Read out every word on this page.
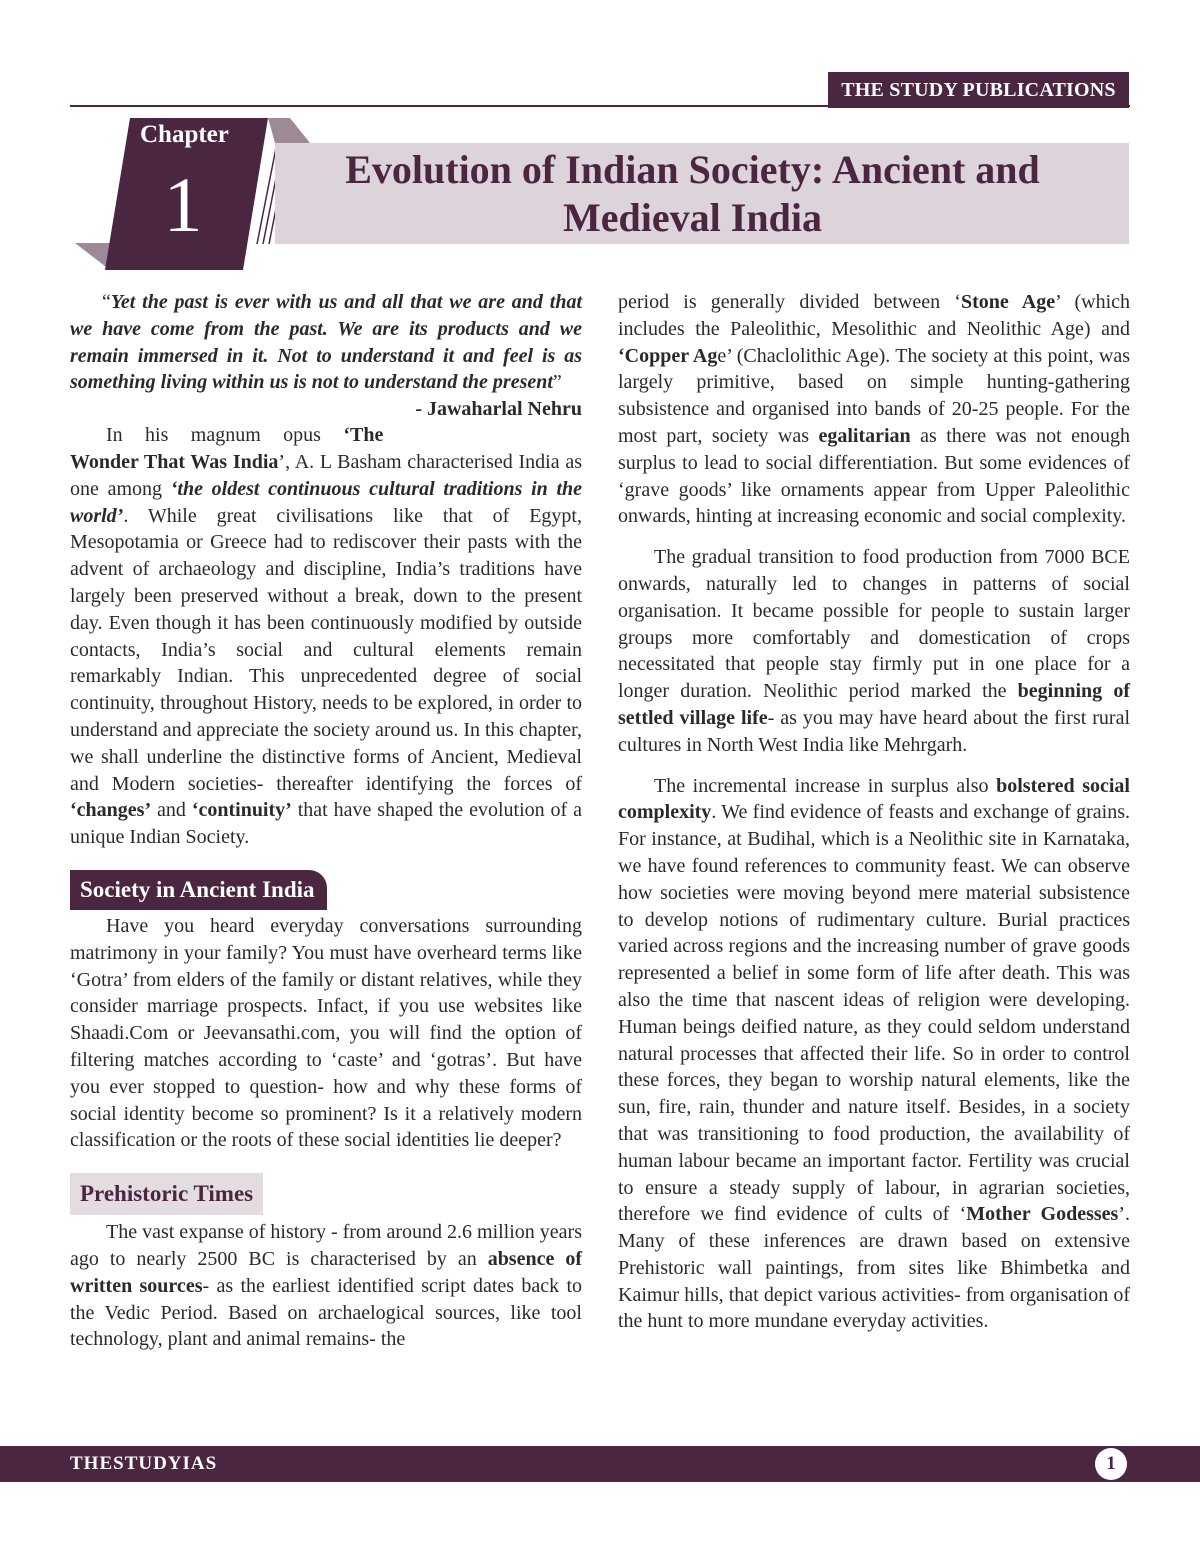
THE STUDY PUBLICATIONS
Chapter
1	Evolution of Indian Society: Ancient and
Medieval India

“Yet the past is ever with us and all that we are and that we have come from the past. We are its products and we remain immersed in it. Not to understand it and feel is as something living within us is not to understand the present”
- Jawaharlal Nehru

In his magnum opus ‘The Wonder That Was India’, A. L Basham characterised India as one among ‘the oldest continuous cultural traditions in the world’. While great civilisations like that of Egypt, Mesopotamia or Greece had to rediscover their pasts with the advent of archaeology and discipline, India’s traditions have largely been preserved without a break, down to the present day. Even though it has been continuously modified by outside contacts, India’s social and cultural elements remain remarkably Indian. This unprecedented degree of social continuity, throughout History, needs to be explored, in order to understand and appreciate the society around us. In this chapter, we shall underline the distinctive forms of Ancient, Medieval and Modern societies- thereafter identifying the forces of ‘changes’ and ‘continuity’ that have shaped the evolution of a unique Indian Society.

Society in Ancient India

Have you heard everyday conversations surrounding matrimony in your family? You must have overheard terms like ‘Gotra’ from elders of the family or distant relatives, while they consider marriage prospects. Infact, if you use websites like Shaadi.Com or Jeevansathi.com, you will find the option of filtering matches according to ‘caste’ and ‘gotras’. But have you ever stopped to question- how and why these forms of social identity become so prominent? Is it a relatively modern classification or the roots of these social identities lie deeper?

Prehistoric Times

The vast expanse of history - from around 2.6 million years ago to nearly 2500 BC is characterised by an absence of written sources- as the earliest identified script dates back to the Vedic Period. Based on archaelogical sources, like tool technology, plant and animal remains- the

period is generally divided between ‘Stone Age’ (which includes the Paleolithic, Mesolithic and Neolithic Age) and ‘Copper Age’ (Chaclolithic Age). The society at this point, was largely primitive, based on simple hunting-gathering subsistence and organised into bands of 20-25 people. For the most part, society was egalitarian as there was not enough surplus to lead to social differentiation. But some evidences of ‘grave goods’ like ornaments appear from Upper Paleolithic onwards, hinting at increasing economic and social complexity.

The gradual transition to food production from 7000 BCE onwards, naturally led to changes in patterns of social organisation. It became possible for people to sustain larger groups more comfortably and domestication of crops necessitated that people stay firmly put in one place for a longer duration. Neolithic period marked the beginning of settled village life- as you may have heard about the first rural cultures in North West India like Mehrgarh.

The incremental increase in surplus also bolstered social complexity. We find evidence of feasts and exchange of grains. For instance, at Budihal, which is a Neolithic site in Karnataka, we have found references to community feast. We can observe how societies were moving beyond mere material subsistence to develop notions of rudimentary culture. Burial practices varied across regions and the increasing number of grave goods represented a belief in some form of life after death. This was also the time that nascent ideas of religion were developing. Human beings deified nature, as they could seldom understand natural processes that affected their life. So in order to control these forces, they began to worship natural elements, like the sun, fire, rain, thunder and nature itself. Besides, in a society that was transitioning to food production, the availability of human labour became an important factor. Fertility was crucial to ensure a steady supply of labour, in agrarian societies, therefore we find evidence of cults of ‘Mother Godesses’. Many of these inferences are drawn based on extensive Prehistoric wall paintings, from sites like Bhimbetka and Kaimur hills, that depict various activities- from organisation of the hunt to more mundane everyday activities.

THESTUDYIAS	1
